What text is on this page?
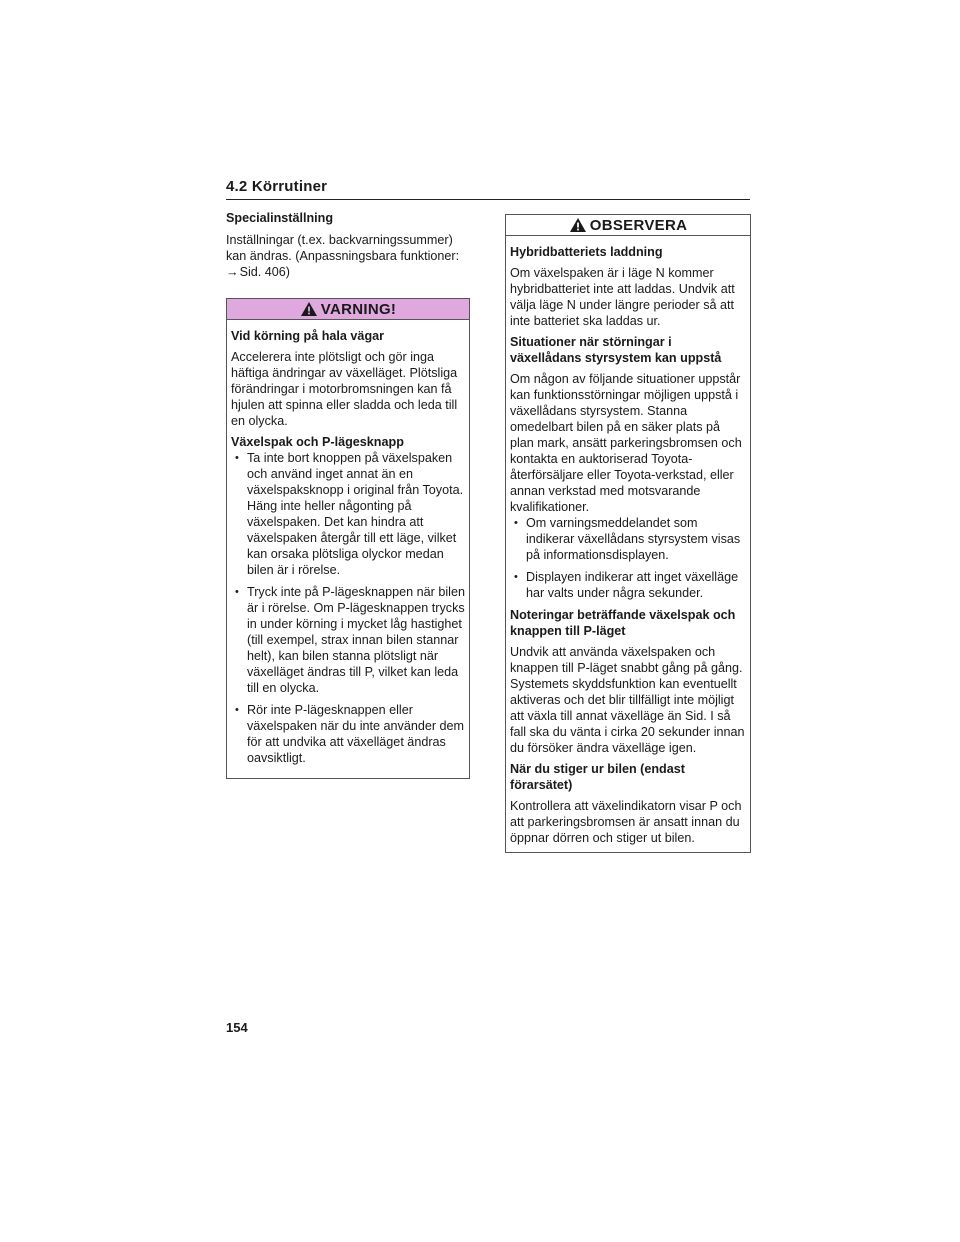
4.2 Körrutiner
Specialinställning
Inställningar (t.ex. backvarningssummer) kan ändras. (Anpassningsbara funktioner: →Sid. 406)
VARNING!
Vid körning på hala vägar
Accelerera inte plötsligt och gör inga häftiga ändringar av växelläget. Plötsliga förändringar i motorbromsningen kan få hjulen att spinna eller sladda och leda till en olycka.
Växelspak och P-lägesknapp
• Ta inte bort knoppen på växelspaken och använd inget annat än en växelspaksknopp i original från Toyota. Häng inte heller någonting på växelspaken. Det kan hindra att växelspaken återgår till ett läge, vilket kan orsaka plötsliga olyckor medan bilen är i rörelse.
• Tryck inte på P-lägesknappen när bilen är i rörelse. Om P-lägesknappen trycks in under körning i mycket låg hastighet (till exempel, strax innan bilen stannar helt), kan bilen stanna plötsligt när växelläget ändras till P, vilket kan leda till en olycka.
• Rör inte P-lägesknappen eller växelspaken när du inte använder dem för att undvika att växelläget ändras oavsiktligt.
OBSERVERA
Hybridbatteriets laddning
Om växelspaken är i läge N kommer hybridbatteriet inte att laddas. Undvik att välja läge N under längre perioder så att inte batteriet ska laddas ur.
Situationer när störningar i växellådans styrsystem kan uppstå
Om någon av följande situationer uppstår kan funktionsstörningar möjligen uppstå i växellådans styrsystem. Stanna omedelbart bilen på en säker plats på plan mark, ansätt parkeringsbromsen och kontakta en auktoriserad Toyota-återförsäljare eller Toyota-verkstad, eller annan verkstad med motsvarande kvalifikationer.
• Om varningsmeddelandet som indikerar växellådans styrsystem visas på informationsdisplayen.
• Displayen indikerar att inget växelläge har valts under några sekunder.
Noteringar beträffande växelspak och knappen till P-läget
Undvik att använda växelspaken och knappen till P-läget snabbt gång på gång. Systemets skyddsfunktion kan eventuellt aktiveras och det blir tillfälligt inte möjligt att växla till annat växelläge än Sid. I så fall ska du vänta i cirka 20 sekunder innan du försöker ändra växelläge igen.
När du stiger ur bilen (endast förarsätet)
Kontrollera att växelindikatorn visar P och att parkeringsbromsen är ansatt innan du öppnar dörren och stiger ut bilen.
154
